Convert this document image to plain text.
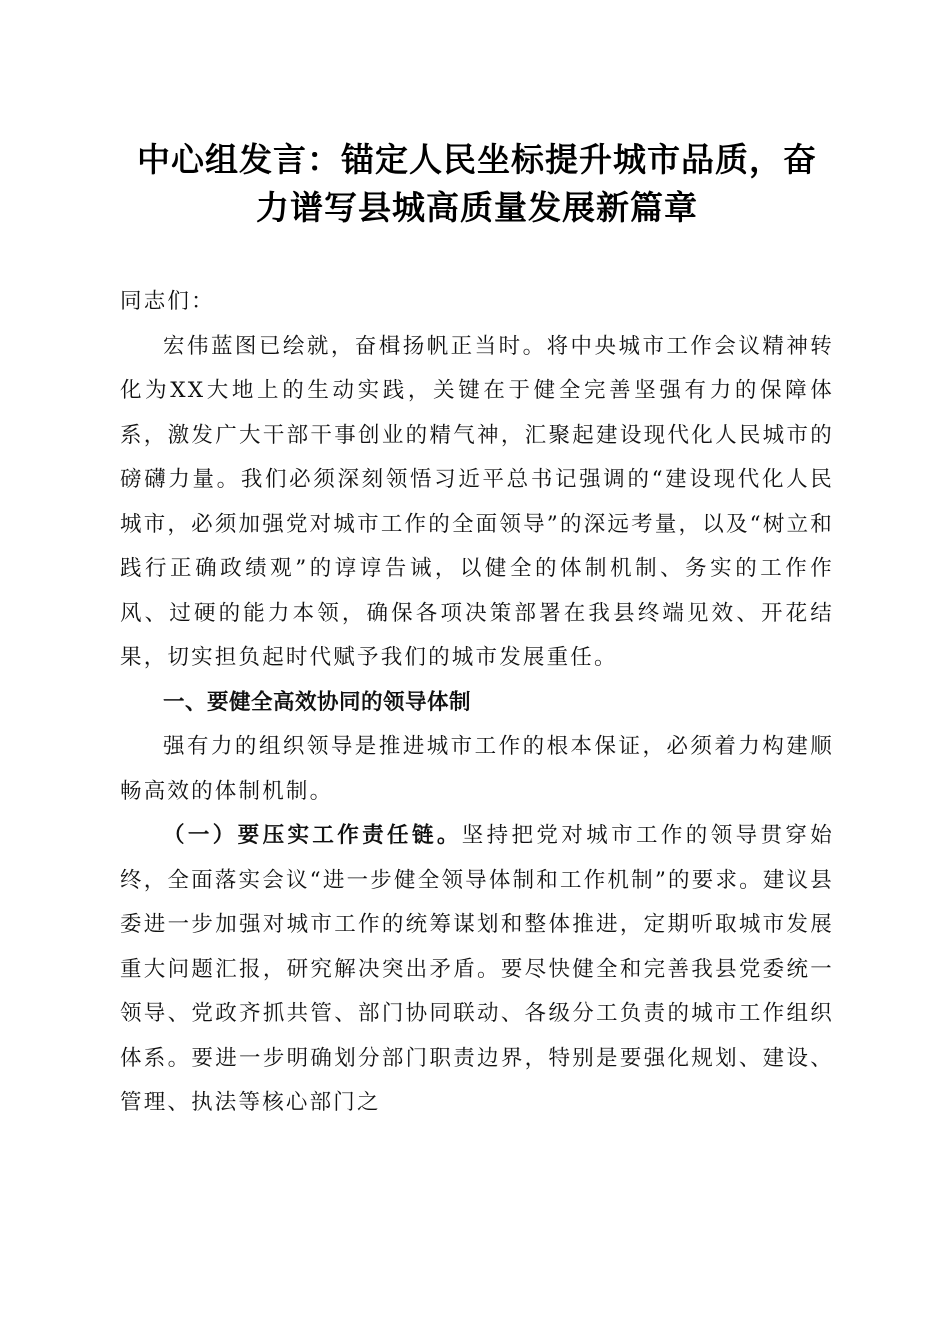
中心组发言：锚定人民坐标提升城市品质，奋
力谱写县城高质量发展新篇章

同志们：

宏伟蓝图已绘就，奋楫扬帆正当时。将中央城市工作会议精神转化为XX大地上的生动实践，关键在于健全完善坚强有力的保障体系，激发广大干部干事创业的精气神，汇聚起建设现代化人民城市的磅礴力量。我们必须深刻领悟习近平总书记强调的“建设现代化人民城市，必须加强党对城市工作的全面领导”的深远考量，以及“树立和践行正确政绩观”的谆谆告诫，以健全的体制机制、务实的工作作风、过硬的能力本领，确保各项决策部署在我县终端见效、开花结果，切实担负起时代赋予我们的城市发展重任。

一、要健全高效协同的领导体制

强有力的组织领导是推进城市工作的根本保证，必须着力构建顺畅高效的体制机制。

（一）要压实工作责任链。坚持把党对城市工作的领导贯穿始终，全面落实会议“进一步健全领导体制和工作机制”的要求。建议县委进一步加强对城市工作的统筹谋划和整体推进，定期听取城市发展重大问题汇报，研究解决突出矛盾。要尽快健全和完善我县党委统一领导、党政齐抓共管、部门协同联动、各级分工负责的城市工作组织体系。要进一步明确划分部门职责边界，特别是要强化规划、建设、管理、执法等核心部门之
